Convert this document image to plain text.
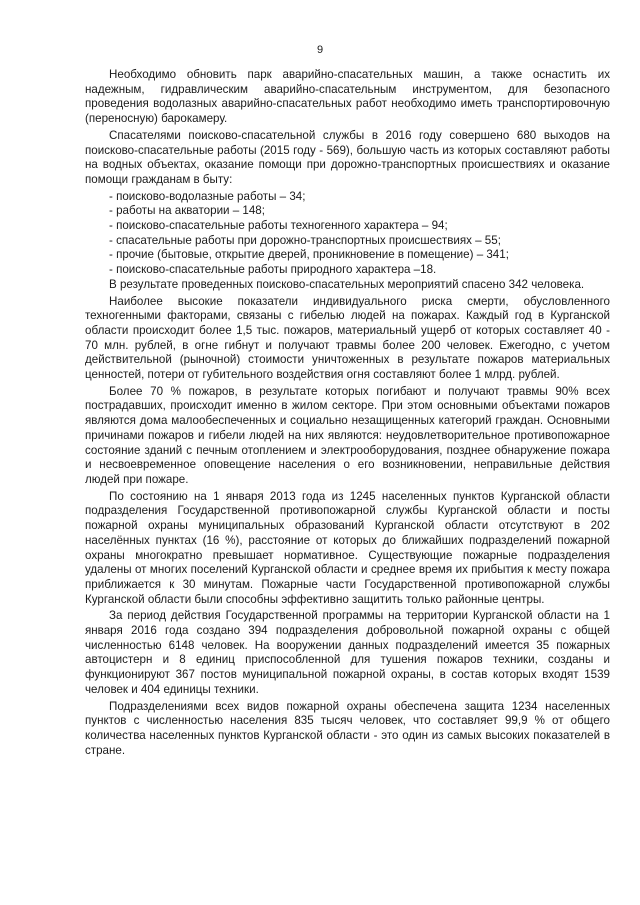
9

Необходимо обновить парк аварийно-спасательных машин, а также оснастить их надежным, гидравлическим аварийно-спасательным инструментом, для безопасного проведения водолазных аварийно-спасательных работ необходимо иметь транспортировочную (переносную) барокамеру.

Спасателями поисково-спасательной службы в 2016 году совершено 680 выходов на поисково-спасательные работы (2015 году - 569), большую часть из которых составляют работы на водных объектах, оказание помощи при дорожно-транспортных происшествиях и оказание помощи гражданам в быту:

- поисково-водолазные работы – 34;

- работы на акватории – 148;

- поисково-спасательные работы техногенного характера – 94;

- спасательные работы при дорожно-транспортных происшествиях – 55;

- прочие (бытовые, открытие дверей, проникновение в помещение) – 341;

- поисково-спасательные работы природного характера –18.

В результате проведенных поисково-спасательных мероприятий спасено 342 человека.

Наиболее высокие показатели индивидуального риска смерти, обусловленного техногенными факторами, связаны с гибелью людей на пожарах. Каждый год в Курганской области происходит более 1,5 тыс. пожаров, материальный ущерб от которых составляет 40 - 70 млн. рублей, в огне гибнут и получают травмы более 200 человек. Ежегодно, с учетом действительной (рыночной) стоимости уничтоженных в результате пожаров материальных ценностей, потери от губительного воздействия огня составляют более 1 млрд. рублей.

Более 70 % пожаров, в результате которых погибают и получают травмы 90% всех пострадавших, происходит именно в жилом секторе. При этом основными объектами пожаров являются дома малообеспеченных и социально незащищенных категорий граждан. Основными причинами пожаров и гибели людей на них являются: неудовлетворительное противопожарное состояние зданий с печным отоплением и электрооборудования, позднее обнаружение пожара и несвоевременное оповещение населения о его возникновении, неправильные действия людей при пожаре.

По состоянию на 1 января 2013 года из 1245 населенных пунктов Курганской области подразделения Государственной противопожарной службы Курганской области и посты пожарной охраны муниципальных образований Курганской области отсутствуют в 202 населённых пунктах (16 %), расстояние от которых до ближайших подразделений пожарной охраны многократно превышает нормативное. Существующие пожарные подразделения удалены от многих поселений Курганской области и среднее время их прибытия к месту пожара приближается к 30 минутам. Пожарные части Государственной противопожарной службы Курганской области были способны эффективно защитить только районные центры.

За период действия Государственной программы на территории Курганской области на 1 января 2016 года создано 394 подразделения добровольной пожарной охраны с общей численностью 6148 человек. На вооружении данных подразделений имеется 35 пожарных автоцистерн и 8 единиц приспособленной для тушения пожаров техники, созданы и функционируют 367 постов муниципальной пожарной охраны, в состав которых входят 1539 человек и 404 единицы техники.

Подразделениями всех видов пожарной охраны обеспечена защита 1234 населенных пунктов с численностью населения 835 тысяч человек, что составляет 99,9 % от общего количества населенных пунктов Курганской области - это один из самых высоких показателей в стране.
